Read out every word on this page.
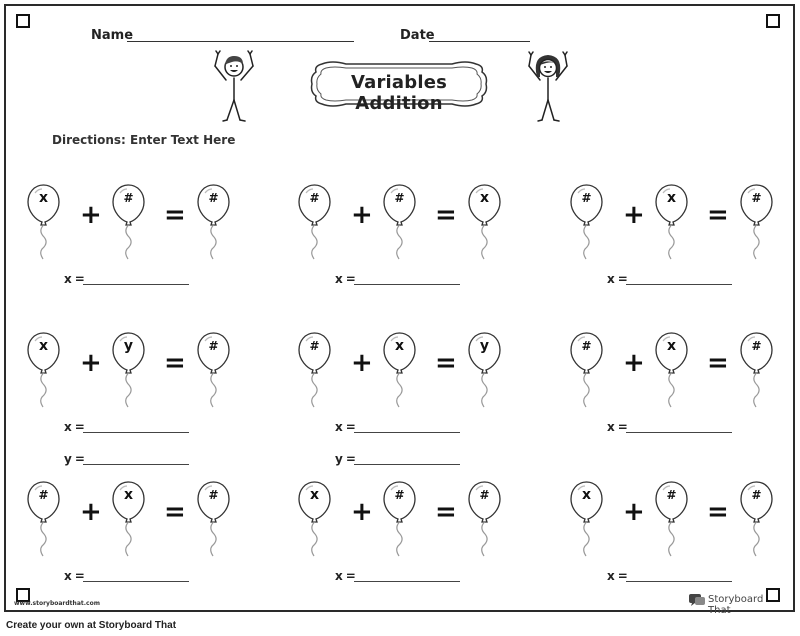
Name	Date
Variables Addition
Directions: Enter Text Here
x	#	#
+ =
x =
#	#	x
+ =
x =
#	x	#
+ =
x =
x	y	#
+ =
x =
y =
#	x	y
+ =
x =
y =
#	x	#
+ =
x =
#	x	#
+ =
x =
x	#	#
+ =
x =
x	#	#
+ =
x =
www.storyboardthat.com	Storyboard That
Create your own at Storyboard That
